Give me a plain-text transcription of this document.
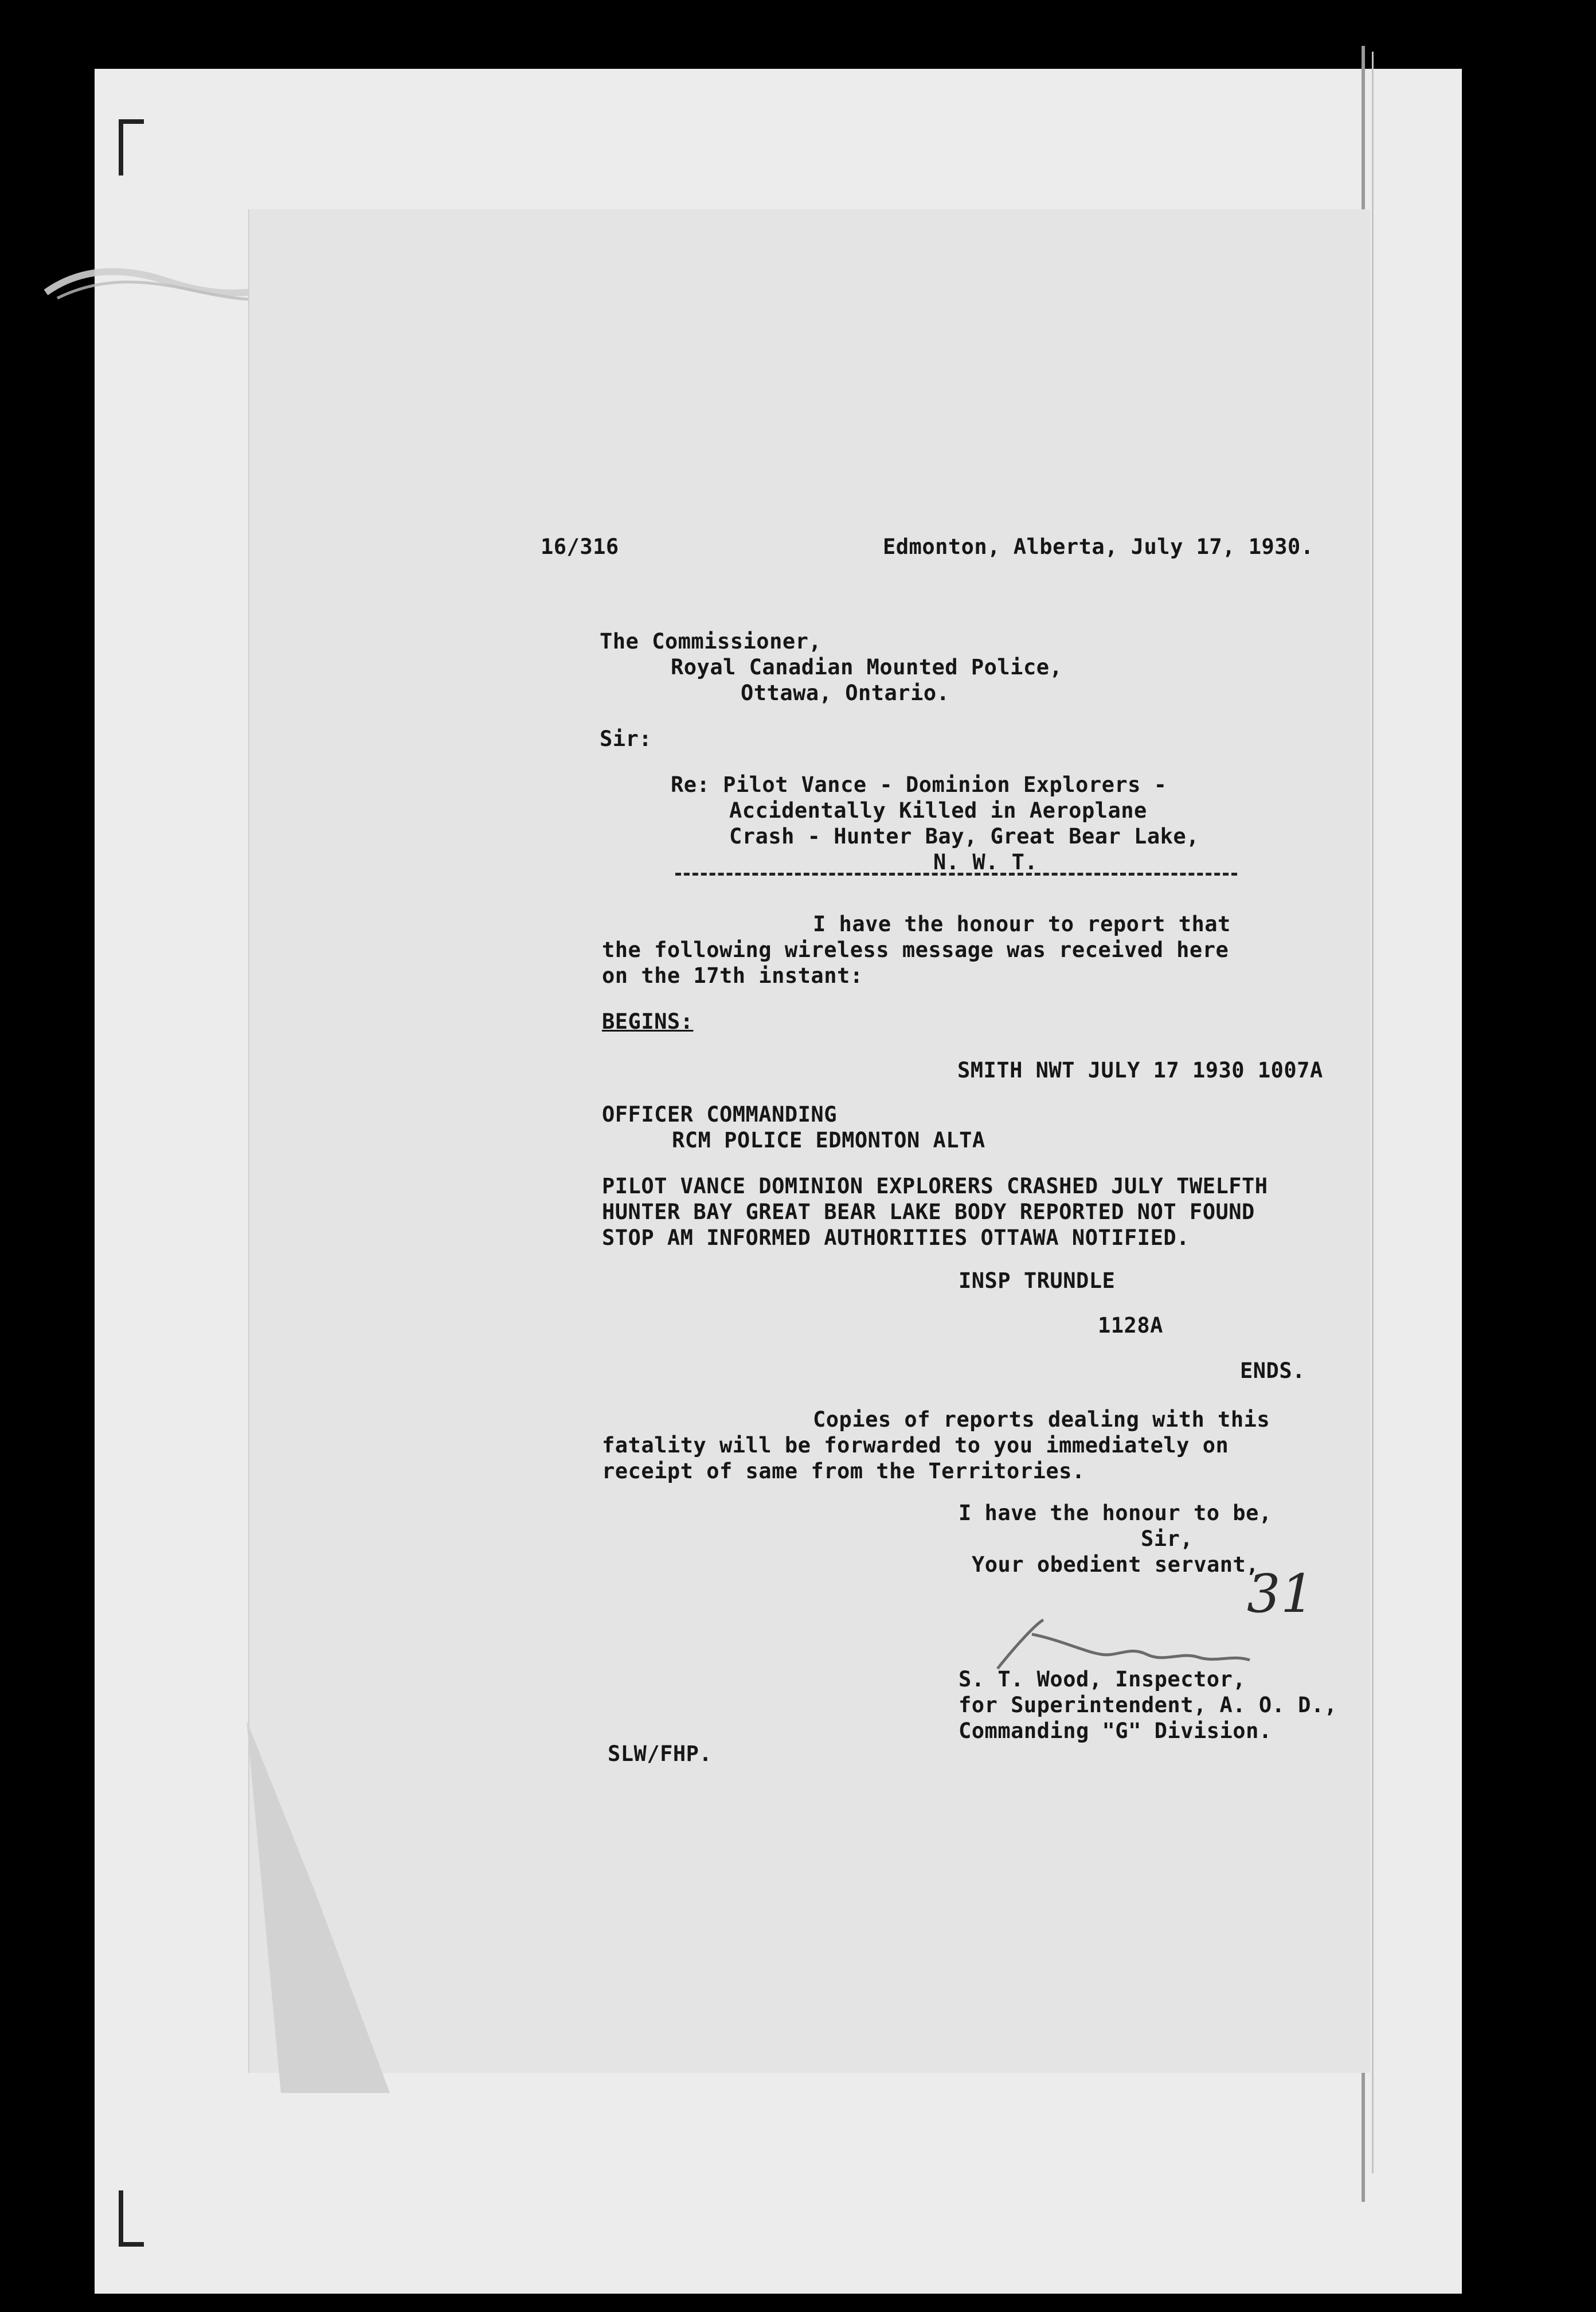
16/316	Edmonton, Alberta, July 17, 1930.

The Commissioner,

Royal Canadian Mounted Police,

Ottawa, Ontario.

Sir:

Re: Pilot Vance - Dominion Explorers -

Accidentally Killed in Aeroplane

Crash - Hunter Bay, Great Bear Lake,

N. W. T.

I have the honour to report that

the following wireless message was received here

on the 17th instant:

BEGINS:

SMITH NWT JULY 17 1930 1007A

OFFICER COMMANDING

RCM POLICE EDMONTON ALTA

PILOT VANCE DOMINION EXPLORERS CRASHED JULY TWELFTH

HUNTER BAY GREAT BEAR LAKE BODY REPORTED NOT FOUND

STOP AM INFORMED AUTHORITIES OTTAWA NOTIFIED.

INSP TRUNDLE

1128A

ENDS.

Copies of reports dealing with this

fatality will be forwarded to you immediately on

receipt of same from the Territories.

I have the honour to be,

Sir,

Your obedient servant,

31

S. T. Wood, Inspector,

for Superintendent, A. O. D.,

Commanding "G" Division.

SLW/FHP.
